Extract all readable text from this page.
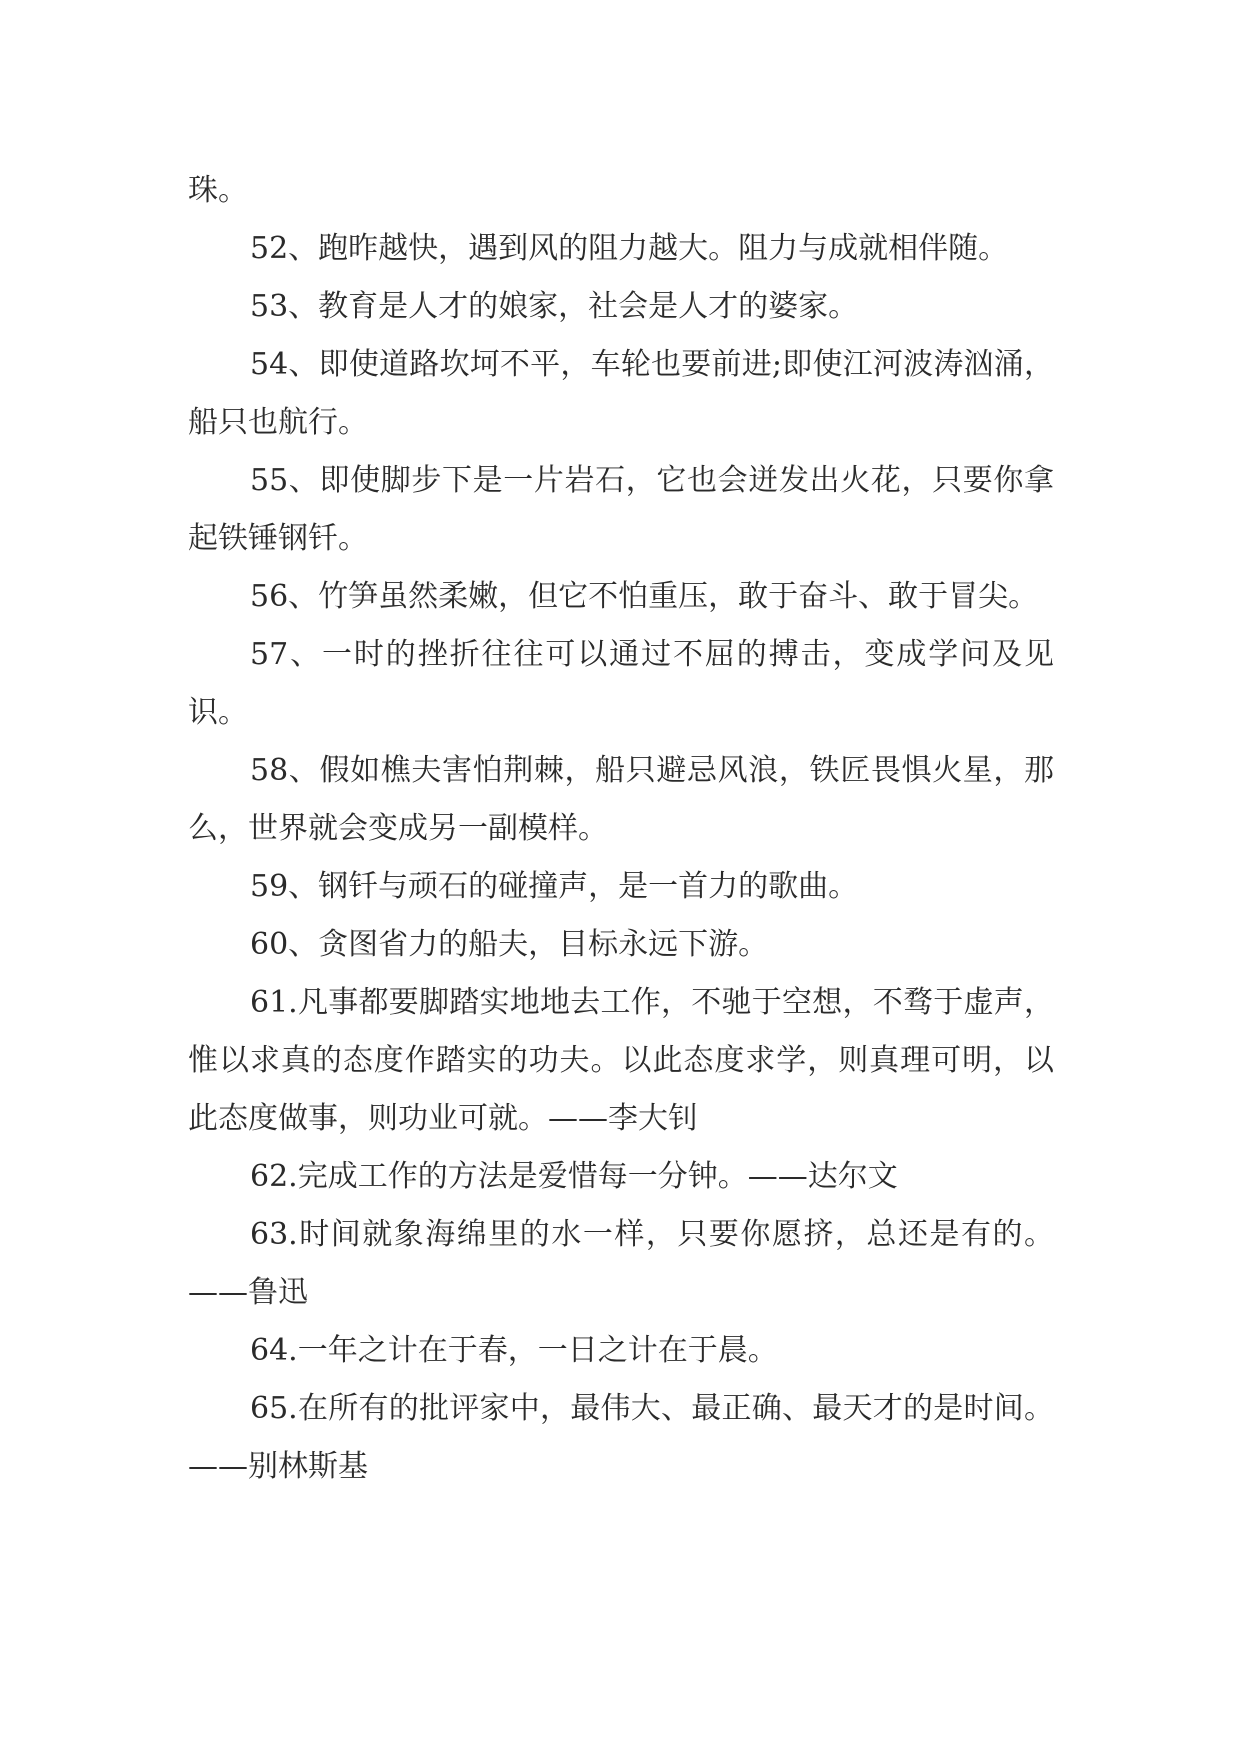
珠。

52、跑昨越快，遇到风的阻力越大。阻力与成就相伴随。

53、教育是人才的娘家，社会是人才的婆家。

54、即使道路坎坷不平，车轮也要前进;即使江河波涛汹涌，船只也航行。

55、即使脚步下是一片岩石，它也会迸发出火花，只要你拿起铁锤钢钎。

56、竹笋虽然柔嫩，但它不怕重压，敢于奋斗、敢于冒尖。

57、一时的挫折往往可以通过不屈的搏击，变成学问及见识。

58、假如樵夫害怕荆棘，船只避忌风浪，铁匠畏惧火星，那么，世界就会变成另一副模样。

59、钢钎与顽石的碰撞声，是一首力的歌曲。

60、贪图省力的船夫，目标永远下游。

61.凡事都要脚踏实地地去工作，不驰于空想，不骛于虚声，惟以求真的态度作踏实的功夫。以此态度求学，则真理可明，以此态度做事，则功业可就。——李大钊

62.完成工作的方法是爱惜每一分钟。——达尔文

63.时间就象海绵里的水一样，只要你愿挤，总还是有的。——鲁迅

64.一年之计在于春，一日之计在于晨。

65.在所有的批评家中，最伟大、最正确、最天才的是时间。——别林斯基
